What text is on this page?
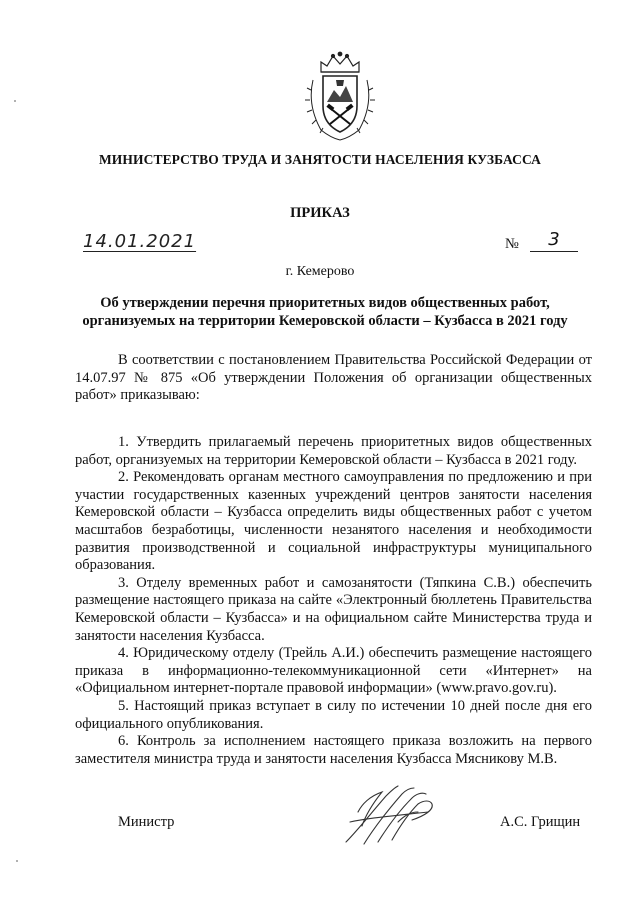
МИНИСТЕРСТВО ТРУДА И ЗАНЯТОСТИ НАСЕЛЕНИЯ КУЗБАССА
ПРИКАЗ
14.01.2021	№	3
г. Кемерово
Об утверждении перечня приоритетных видов общественных работ, организуемых на территории Кемеровской области – Кузбасса в 2021 году
В соответствии с постановлением Правительства Российской Федерации от 14.07.97 № 875 «Об утверждении Положения об организации общественных работ» приказываю:

1. Утвердить прилагаемый перечень приоритетных видов общественных работ, организуемых на территории Кемеровской области – Кузбасса в 2021 году.

2. Рекомендовать органам местного самоуправления по предложению и при участии государственных казенных учреждений центров занятости населения Кемеровской области – Кузбасса определить виды общественных работ с учетом масштабов безработицы, численности незанятого населения и необходимости развития производственной и социальной инфраструктуры муниципального образования.

3. Отделу временных работ и самозанятости (Тяпкина С.В.) обеспечить размещение настоящего приказа на сайте «Электронный бюллетень Правительства Кемеровской области – Кузбасса» и на официальном сайте Министерства труда и занятости населения Кузбасса.

4. Юридическому отделу (Трейль А.И.) обеспечить размещение настоящего приказа в информационно-телекоммуникационной сети «Интернет» на «Официальном интернет-портале правовой информации» (www.pravo.gov.ru).

5. Настоящий приказ вступает в силу по истечении 10 дней после дня его официального опубликования.

6. Контроль за исполнением настоящего приказа возложить на первого заместителя министра труда и занятости населения Кузбасса Мясникову М.В.

Министр	А.С. Грищин
